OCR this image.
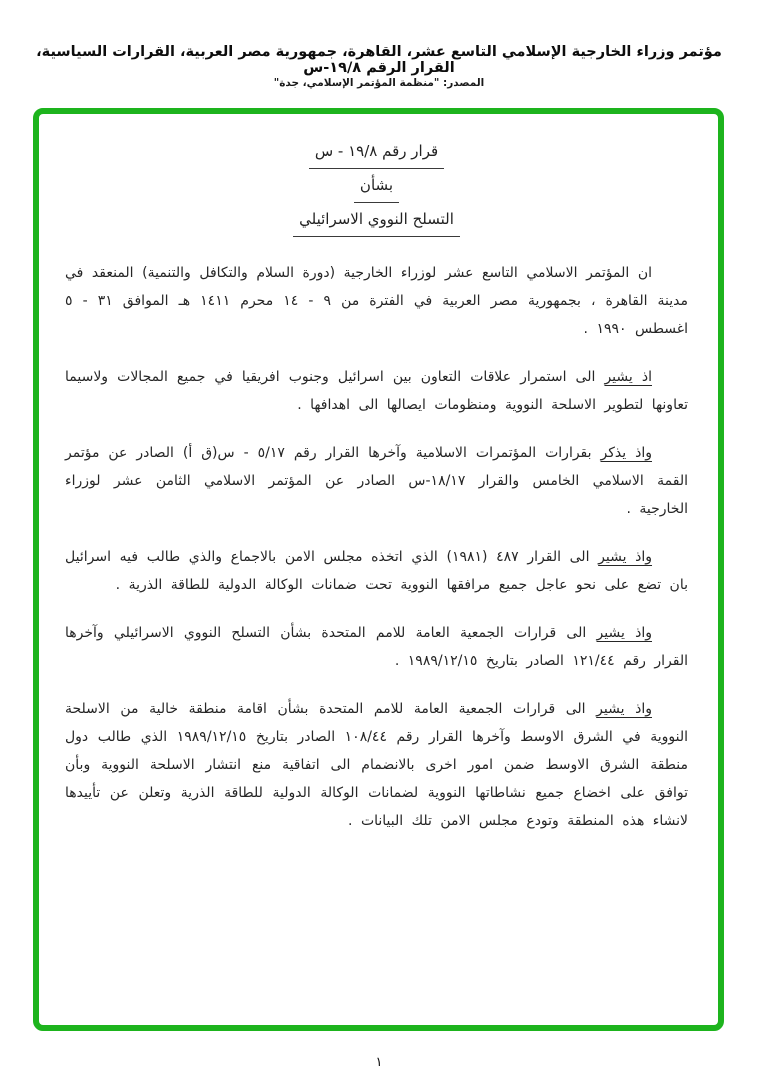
مؤتمر وزراء الخارجية الإسلامي التاسع عشر، القاهرة، جمهورية مصر العربية، القرارات السياسية، القرار الرقم ١٩/٨-س
المصدر: "منظمة المؤتمر الإسلامي، جدة"
قرار رقم ١٩/٨ - س
بشأن
التسلح النووي الاسرائيلي

ان المؤتمر الاسلامي التاسع عشر لوزراء الخارجية (دورة السلام والتكافل والتنمية) المنعقد في مدينة القاهرة ، بجمهورية مصر العربية في الفترة من ٩ - ١٤ محرم ١٤١١ هـ الموافق ٣١ - ٥ اغسطس ١٩٩٠ .

اذ يشير الى استمرار علاقات التعاون بين اسرائيل وجنوب افريقيا في جميع المجالات ولاسيما تعاونها لتطوير الاسلحة النووية ومنظومات ايصالها الى اهدافها .

واذ يذكر بقرارات المؤتمرات الاسلامية وآخرها القرار رقم ٥/١٧ - س(ق أ) الصادر عن مؤتمر القمة الاسلامي الخامس والقرار ١٨/١٧-س الصادر عن المؤتمر الاسلامي الثامن عشر لوزراء الخارجية .

واذ يشير الى القرار ٤٨٧ (١٩٨١) الذي اتخذه مجلس الامن بالاجماع والذي طالب فيه اسرائيل بان تضع على نحو عاجل جميع مرافقها النووية تحت ضمانات الوكالة الدولية للطاقة الذرية .

واذ يشير الى قرارات الجمعية العامة للامم المتحدة بشأن التسلح النووي الاسرائيلي وآخرها القرار رقم ١٢١/٤٤ الصادر بتاريخ ١٩٨٩/١٢/١٥ .

واذ يشير الى قرارات الجمعية العامة للامم المتحدة بشأن اقامة منطقة خالية من الاسلحة النووية في الشرق الاوسط وآخرها القرار رقم ١٠٨/٤٤ الصادر بتاريخ ١٩٨٩/١٢/١٥ الذي طالب دول منطقة الشرق الاوسط ضمن امور اخرى بالانضمام الى اتفاقية منع انتشار الاسلحة النووية وبأن توافق على اخضاع جميع نشاطاتها النووية لضمانات الوكالة الدولية للطاقة الذرية وتعلن عن تأييدها لانشاء هذه المنطقة وتودع مجلس الامن تلك البيانات .

١
